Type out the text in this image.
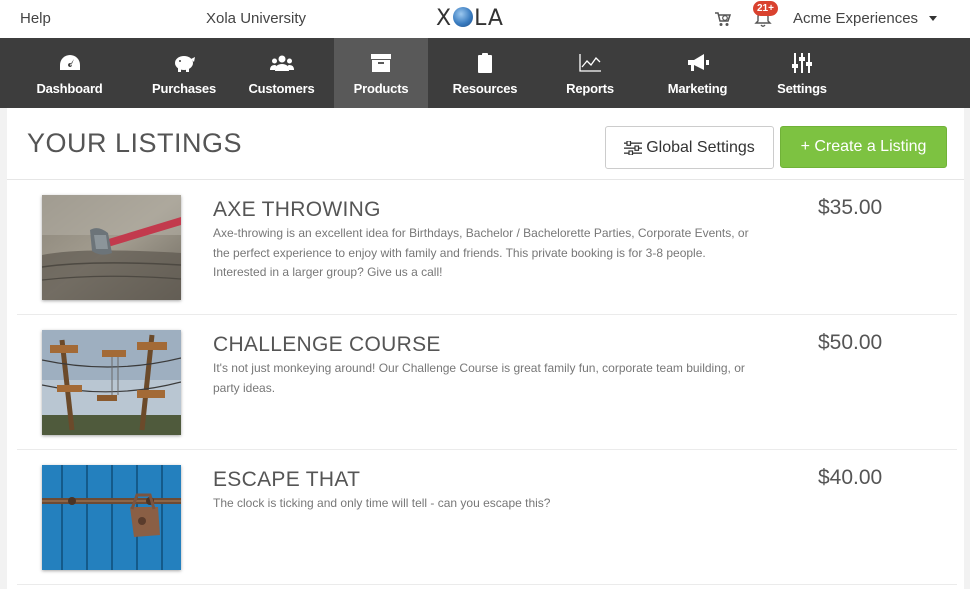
Help	Xola University	X LA	21+
Acme Experiences
Dashboard	Purchases Customers	Products	Resources	Reports	Marketing	Settings
YOUR LISTINGS	Global Settings	+ Create a Listing
AXE THROWING
Axe-throwing is an excellent idea for Birthdays, Bachelor / Bachelorette Parties, Corporate Events, or the perfect experience to enjoy with family and friends. This private booking is for 3-8 people. Interested in a larger group? Give us a call!
$35.00
CHALLENGE COURSE
It's not just monkeying around! Our Challenge Course is great family fun, corporate team building, or party ideas.
$50.00
ESCAPE THAT
The clock is ticking and only time will tell - can you escape this?
$40.00
